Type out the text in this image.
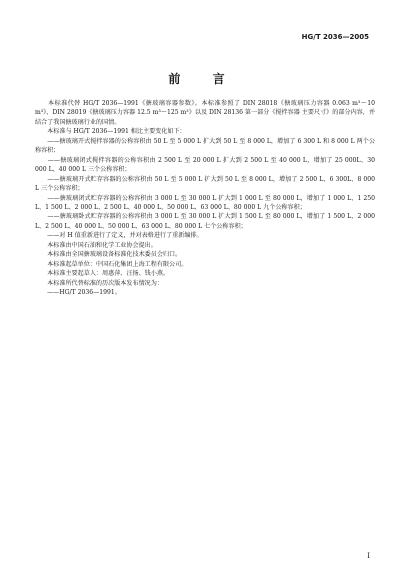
HG/T 2036—2005
前 言

　　本标准代替 HG/T 2036—1991《搪玻璃容器参数》。本标准参照了 DIN 28018《搪玻璃压力容器 0.063 m³～10 m³》、DIN 28019《搪玻璃压力容器 12.5 m³～125 m³》以及 DIN 28136 第一部分《搅拌容器 主要尺寸》的部分内容，并结合了我国搪玻璃行业的国情。

　　本标准与 HG/T 2036—1991 相比主要变化如下：

　　——搪玻璃开式搅拌容器的公称容积由 50 L 至 5 000 L 扩大到 50 L 至 8 000 L，增加了 6 300 L 和 8 000 L 两个公称容积；

　　——搪玻璃闭式搅拌容器的公称容积由 2 500 L 至 20 000 L 扩大到 2 500 L 至 40 000 L，增加了 25 000L、30 000 L、40 000 L 三个公称容积；

　　——搪玻璃开式贮存容器的公称容积由 50 L 至 5 000 L 扩大到 50 L 至 8 000 L，增加了 2 500 L、6 300L、8 000 L 三个公称容积；

　　——搪玻璃闭式贮存容器的公称容积由 3 000 L 至 30 000 L 扩大到 1 000 L 至 80 000 L，增加了 1 000 L、1 250 L、1 500 L、2 000 L、2 500 L、40 000 L、50 000 L、63 000 L、80 000 L 九个公称容积；

　　——搪玻璃卧式贮存容器的公称容积由 3 000 L 至 30 000 L 扩大到 1 500 L 至 80 000 L，增加了 1 500 L、2 000 L、2 500 L、40 000 L、50 000 L、63 000 L、80 000 L 七个公称容积；

　　——对 H 值重新进行了定义，并对表格进行了重新编排。

　　本标准由中国石油和化学工业协会提出。

　　本标准由全国搪玻璃设备标准化技术委员会归口。

　　本标准起草单位：中国石化集团上海工程有限公司。

　　本标准主要起草人：周惠萍、汪扬、钱小燕。

　　本标准所代替标准的历次版本发布情况为：

　　——HG/T 2036—1991。

I
